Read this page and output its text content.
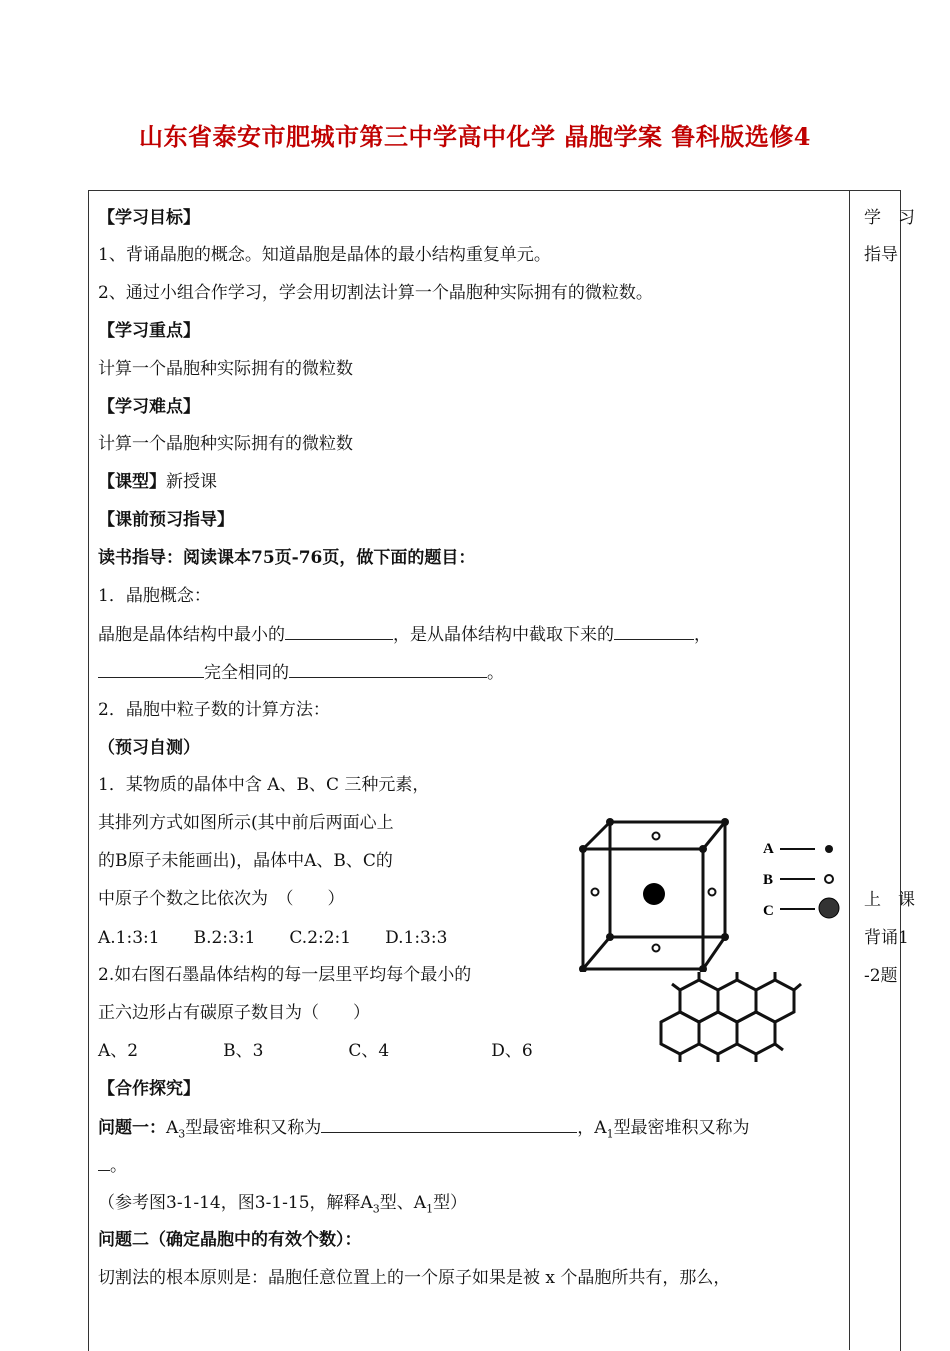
山东省泰安市肥城市第三中学高中化学 晶胞学案 鲁科版选修4
学　习
指导
上　课
背诵1
-2题
【学习目标】
1、背诵晶胞的概念。知道晶胞是晶体的最小结构重复单元。
2、通过小组合作学习，学会用切割法计算一个晶胞种实际拥有的微粒数。
【学习重点】
计算一个晶胞种实际拥有的微粒数
【学习难点】
计算一个晶胞种实际拥有的微粒数
【课型】新授课
【课前预习指导】
读书指导：阅读课本75页-76页，做下面的题目：
1．晶胞概念：
晶胞是晶体结构中最小的	，是从晶体结构中截取下来的	，
完全相同的	。
2．晶胞中粒子数的计算方法：
（预习自测）
1．某物质的晶体中含 A、B、C 三种元素，
其排列方式如图所示(其中前后两面心上
的B原子未能画出)，晶体中A、B、C的
中原子个数之比依次为　（　　）
A.1:3:1　　B.2:3:1　　C.2:2:1　　D.1:3:3
2.如右图石墨晶体结构的每一层里平均每个最小的
正六边形占有碳原子数目为（　　）
A、2　　　　　B、3　　　　　C、4　　　　　　D、6
【合作探究】
问题一：$A_3$型最密堆积又称为	，$A_1$型最密堆积又称为
。
（参考图3-1-14，图3-1-15，解释$A_3$型、$A_1$型）
问题二（确定晶胞中的有效个数）：
切割法的根本原则是：晶胞任意位置上的一个原子如果是被 x 个晶胞所共有，那么，
A
B
C
